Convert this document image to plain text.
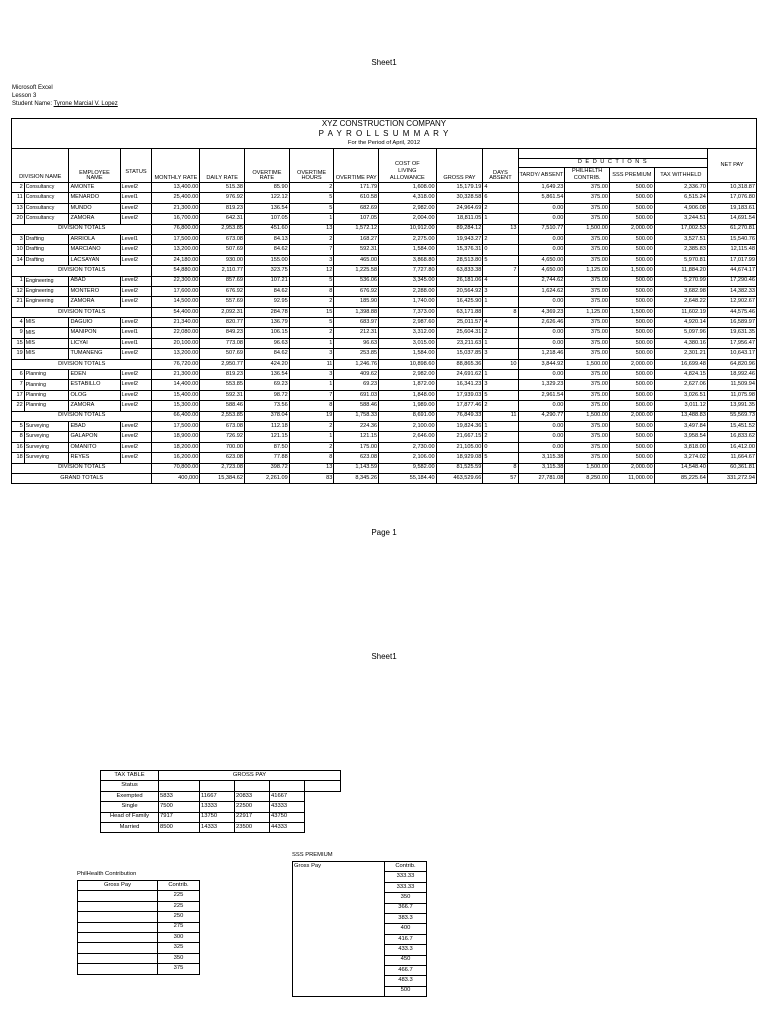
Sheet1
Microsoft Excel
Lesson 3
Student Name: Tyrone Marcial V. Lopez
XYZ CONSTRUCTION COMPANY
P A Y R O L L S U M M A R Y
For the Period of April, 2012																

DIVISION NAME		EMPLOYEE NAME	STATUS	MONTHLY RATE	DAILY RATE	OVERTIME RATE	OVERTIME HOURS	OVERTIME PAY	COST OF
LIVING ALLOWANCE	GROSS PAY	DAYS ABSENT					NET PAY
												D E D U C T I O N S				
												TARDY/ ABSENT	PHILHELTH CONTRIB.	SSS PREMIUM	TAX WITHHELD	
2	Consultancy	AMONTE	Level2	13,400.00	515.38	85.90	2	171.79	1,608.00	15,179.19	4	1,649.23	375.00	500.00	2,336.70	10,318.87
11	Consultancy	MENARDO	Level1	25,400.00	976.92	122.12	5	610.58	4,318.00	30,328.58	6	5,861.54	375.00	500.00	6,515.24	17,076.80
13	Consultancy	MUNDO	Level2	21,300.00	819.23	136.54	5	682.69	2,982.00	24,964.69	2	0.00	375.00	500.00	4,906.08	19,183.61
20	Consultancy	ZAMORA	Level2	16,700.00	642.31	107.05	1	107.05	2,004.00	18,811.05	1	0.00	375.00	500.00	3,244.51	14,691.54
DIVISION TOTALS				76,800.00	2,953.85	451.60	13	1,572.12	10,912.00	89,284.12	13	7,510.77	1,500.00	2,000.00	17,002.53	61,270.81
3	Drafting	ARRIOLA	Level1	17,500.00	673.08	84.13	2	168.27	2,275.00	19,943.27	2	0.00	375.00	500.00	3,527.51	15,540.76
10	Drafting	MARCIANO	Level2	13,200.00	507.69	84.62	7	592.31	1,584.00	15,376.31	0	0.00	375.00	500.00	2,385.83	12,115.48
14	Drafting	LACSAYAN	Level2	24,180.00	930.00	155.00	3	465.00	3,868.80	28,513.80	5	4,650.00	375.00	500.00	5,970.81	17,017.99
DIVISION TOTALS				54,880.00	2,110.77	323.75	12	1,225.58	7,727.80	63,833.38	7	4,650.00	1,125.00	1,500.00	11,884.20	44,674.17
1	Engineering	ABAD	Level2	22,300.00	857.69	107.21	5	536.06	3,345.00	26,181.06	4	2,744.62	375.00	500.00	5,270.99	17,290.46
12	Engineering	MONTERO	Level2	17,600.00	676.92	84.62	8	676.92	2,288.00	20,564.92	3	1,624.62	375.00	500.00	3,682.98	14,382.33
21	Engineering	ZAMORA	Level2	14,500.00	557.69	92.95	2	185.90	1,740.00	16,425.90	1	0.00	375.00	500.00	2,648.22	12,902.67
DIVISION TOTALS				54,400.00	2,092.31	284.78	15	1,398.88	7,373.00	63,171.88	8	4,369.23	1,125.00	1,500.00	11,602.19	44,575.46
4	MIS	DAGUIO	Level2	21,340.00	820.77	136.79	5	683.97	2,987.60	25,011.57	4	2,626.46	375.00	500.00	4,920.14	16,589.97
9	MIS	MANIPON	Level1	22,080.00	849.23	106.15	2	212.31	3,312.00	25,604.31	2	0.00	375.00	500.00	5,097.96	19,631.35
15	MIS	LICYAI	Level1	20,100.00	773.08	96.63	1	96.63	3,015.00	23,211.63	1	0.00	375.00	500.00	4,380.16	17,956.47
19	MIS	TUMANENG	Level2	13,200.00	507.69	84.62	3	253.85	1,584.00	15,037.85	3	1,218.46	375.00	500.00	2,301.21	10,643.17
DIVISION TOTALS				76,720.00	2,950.77	424.20	11	1,246.76	10,898.60	88,865.36	10	3,844.92	1,500.00	2,000.00	16,699.48	64,820.96
6	Planning	EDEN	Level2	21,300.00	819.23	136.54	3	409.62	2,982.00	24,691.62	1	0.00	375.00	500.00	4,824.15	18,992.46
7	Planning	ESTABILLO	Level2	14,400.00	553.85	69.23	1	69.23	1,872.00	16,341.23	3	1,329.23	375.00	500.00	2,627.06	11,509.94
17	Planning	OLOG	Level2	15,400.00	592.31	98.72	7	691.03	1,848.00	17,939.03	5	2,961.54	375.00	500.00	3,026.51	11,075.98
22	Planning	ZAMORA	Level2	15,300.00	588.46	73.56	8	588.46	1,989.00	17,877.46	2	0.00	375.00	500.00	3,011.12	13,991.35
DIVISION TOTALS				66,400.00	2,553.85	378.04	19	1,758.33	8,691.00	76,849.33	11	4,290.77	1,500.00	2,000.00	13,488.83	55,569.73
5	Surveying	EBAD	Level2	17,500.00	673.08	112.18	2	224.36	2,100.00	19,824.36	1	0.00	375.00	500.00	3,497.84	15,451.52
8	Surveying	GALAPON	Level2	18,900.00	726.92	121.15	1	121.15	2,646.00	21,667.15	2	0.00	375.00	500.00	3,958.54	16,833.62
16	Surveying	OMANITO	Level2	18,200.00	700.00	87.50	2	175.00	2,730.00	21,105.00	0	0.00	375.00	500.00	3,818.00	16,412.00
18	Surveying	REYES	Level2	16,200.00	623.08	77.88	8	623.08	2,106.00	18,929.08	5	3,115.38	375.00	500.00	3,274.02	11,664.67
DIVISION TOTALS				70,800.00	2,723.08	398.72	13	1,143.59	9,582.00	81,525.59	8	3,115.38	1,500.00	2,000.00	14,548.40	60,361.81
GRAND TOTALS				400,000	15,384.62	2,261.09	83	8,345.26	55,184.40	463,529.66	57	27,781.08	8,250.00	11,000.00	85,225.64	331,272.94
Page 1
Sheet1
TAX TABLE	GROSS PAY				
Status					
Exempted	5833	11667	20833	41667	
Single	7500	13333	22500	43333	
Head of Family	7917	13750	22917	43750	
Married	8500	14333	23500	44333	
PhilHealth Contribution
Gross Pay	Contrib.
	225
	225
	250
	275
	300
	325
	350
	375
SSS PREMIUM
Gross Pay	Contrib.
	333.33
	333.33
	350
	366.7
	383.3
	400
	416.7
	433.3
	450
	466.7
	483.3
	500
